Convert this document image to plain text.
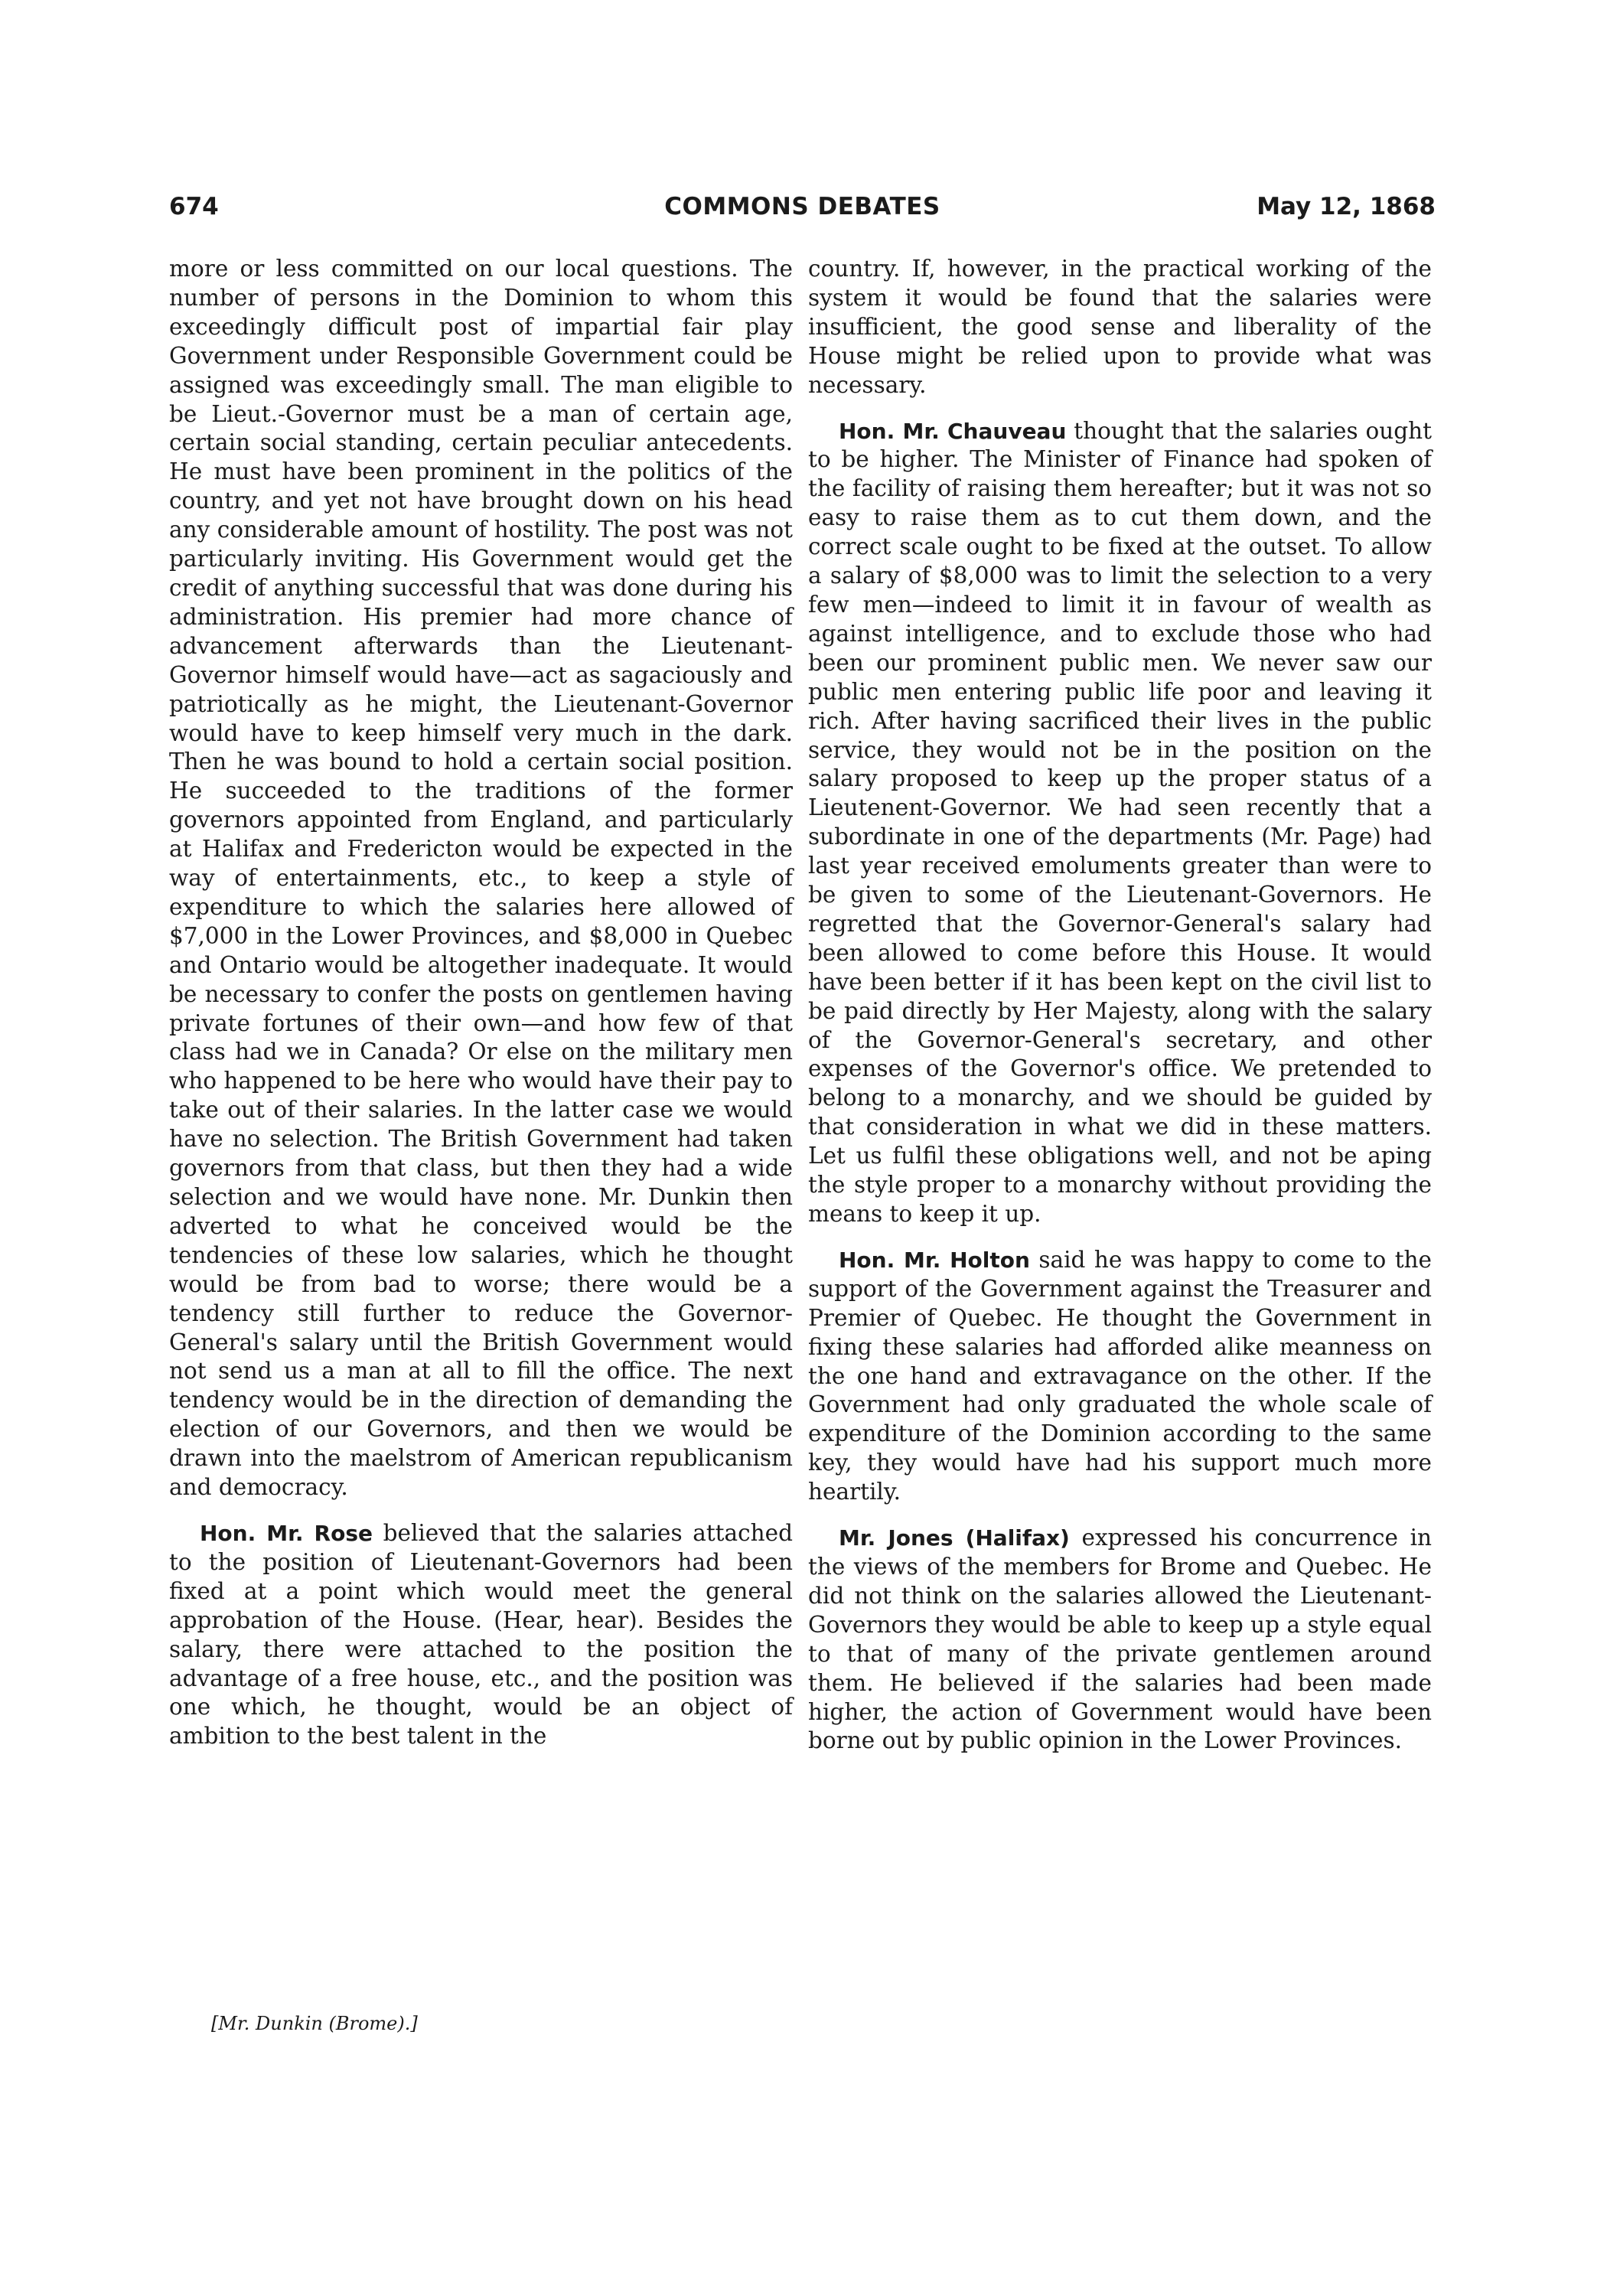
674	COMMONS DEBATES	May 12, 1868

more or less committed on our local questions. The number of persons in the Dominion to whom this exceedingly difficult post of impartial fair play Government under Responsible Government could be assigned was exceedingly small. The man eligible to be Lieut.-Governor must be a man of certain age, certain social standing, certain peculiar antecedents. He must have been prominent in the politics of the country, and yet not have brought down on his head any considerable amount of hostility. The post was not particularly inviting. His Government would get the credit of anything successful that was done during his administration. His premier had more chance of advancement afterwards than the Lieutenant-Governor himself would have—act as sagaciously and patriotically as he might, the Lieutenant-Governor would have to keep himself very much in the dark. Then he was bound to hold a certain social position. He succeeded to the traditions of the former governors appointed from England, and particularly at Halifax and Fredericton would be expected in the way of entertainments, etc., to keep a style of expenditure to which the salaries here allowed of $7,000 in the Lower Provinces, and $8,000 in Quebec and Ontario would be altogether inadequate. It would be necessary to confer the posts on gentlemen having private fortunes of their own—and how few of that class had we in Canada? Or else on the military men who happened to be here who would have their pay to take out of their salaries. In the latter case we would have no selection. The British Government had taken governors from that class, but then they had a wide selection and we would have none. Mr. Dunkin then adverted to what he conceived would be the tendencies of these low salaries, which he thought would be from bad to worse; there would be a tendency still further to reduce the Governor-General's salary until the British Government would not send us a man at all to fill the office. The next tendency would be in the direction of demanding the election of our Governors, and then we would be drawn into the maelstrom of American republicanism and democracy.

Hon. Mr. Rose believed that the salaries attached to the position of Lieutenant-Governors had been fixed at a point which would meet the general approbation of the House. (Hear, hear). Besides the salary, there were attached to the position the advantage of a free house, etc., and the position was one which, he thought, would be an object of ambition to the best talent in the

country. If, however, in the practical working of the system it would be found that the salaries were insufficient, the good sense and liberality of the House might be relied upon to provide what was necessary.

Hon. Mr. Chauveau thought that the salaries ought to be higher. The Minister of Finance had spoken of the facility of raising them hereafter; but it was not so easy to raise them as to cut them down, and the correct scale ought to be fixed at the outset. To allow a salary of $8,000 was to limit the selection to a very few men—indeed to limit it in favour of wealth as against intelligence, and to exclude those who had been our prominent public men. We never saw our public men entering public life poor and leaving it rich. After having sacrificed their lives in the public service, they would not be in the position on the salary proposed to keep up the proper status of a Lieutenent-Governor. We had seen recently that a subordinate in one of the departments (Mr. Page) had last year received emoluments greater than were to be given to some of the Lieutenant-Governors. He regretted that the Governor-General's salary had been allowed to come before this House. It would have been better if it has been kept on the civil list to be paid directly by Her Majesty, along with the salary of the Governor-General's secretary, and other expenses of the Governor's office. We pretended to belong to a monarchy, and we should be guided by that consideration in what we did in these matters. Let us fulfil these obligations well, and not be aping the style proper to a monarchy without providing the means to keep it up.

Hon. Mr. Holton said he was happy to come to the support of the Government against the Treasurer and Premier of Quebec. He thought the Government in fixing these salaries had afforded alike meanness on the one hand and extravagance on the other. If the Government had only graduated the whole scale of expenditure of the Dominion according to the same key, they would have had his support much more heartily.

Mr. Jones (Halifax) expressed his concurrence in the views of the members for Brome and Quebec. He did not think on the salaries allowed the Lieutenant-Governors they would be able to keep up a style equal to that of many of the private gentlemen around them. He believed if the salaries had been made higher, the action of Government would have been borne out by public opinion in the Lower Provinces.

[Mr. Dunkin (Brome).]
